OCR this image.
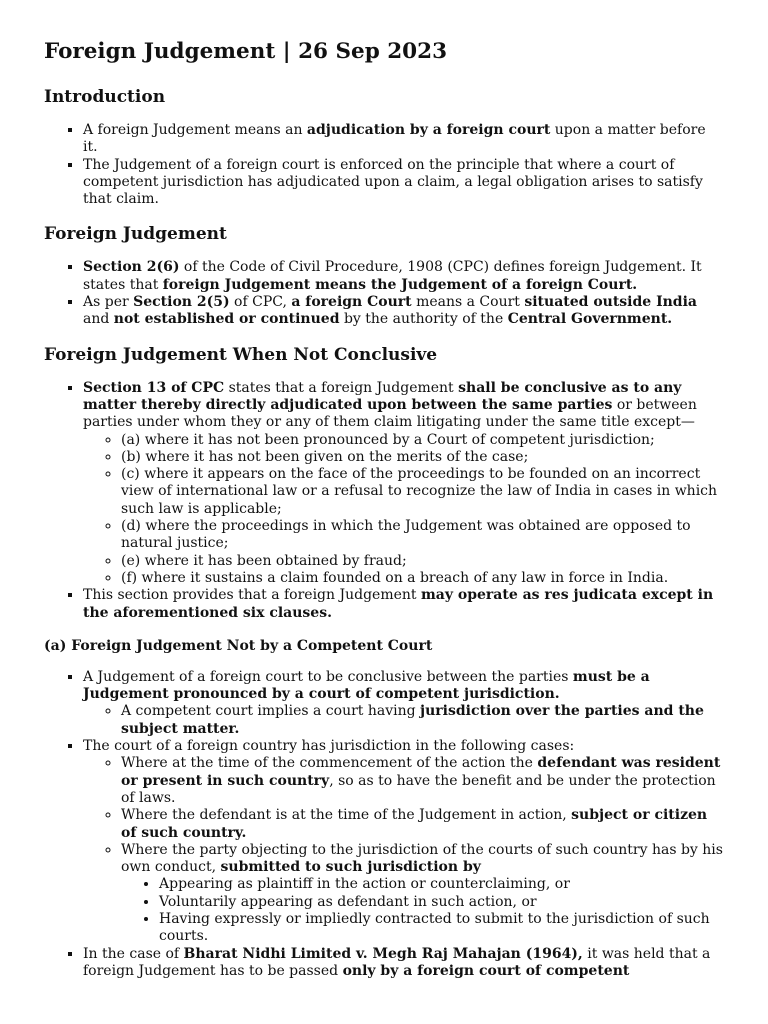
Foreign Judgement | 26 Sep 2023
Introduction
▪ A foreign Judgement means an adjudication by a foreign court upon a matter before it.
▪ The Judgement of a foreign court is enforced on the principle that where a court of competent jurisdiction has adjudicated upon a claim, a legal obligation arises to satisfy that claim.
Foreign Judgement
▪ Section 2(6) of the Code of Civil Procedure, 1908 (CPC) defines foreign Judgement. It states that foreign Judgement means the Judgement of a foreign Court.
▪ As per Section 2(5) of CPC, a foreign Court means a Court situated outside India and not established or continued by the authority of the Central Government.
Foreign Judgement When Not Conclusive
▪ Section 13 of CPC states that a foreign Judgement shall be conclusive as to any matter thereby directly adjudicated upon between the same parties or between parties under whom they or any of them claim litigating under the same title except—
◦ (a) where it has not been pronounced by a Court of competent jurisdiction;
◦ (b) where it has not been given on the merits of the case;
◦ (c) where it appears on the face of the proceedings to be founded on an incorrect view of international law or a refusal to recognize the law of India in cases in which such law is applicable;
◦ (d) where the proceedings in which the Judgement was obtained are opposed to natural justice;
◦ (e) where it has been obtained by fraud;
◦ (f) where it sustains a claim founded on a breach of any law in force in India.
▪ This section provides that a foreign Judgement may operate as res judicata except in the aforementioned six clauses.
(a) Foreign Judgement Not by a Competent Court
▪ A Judgement of a foreign court to be conclusive between the parties must be a Judgement pronounced by a court of competent jurisdiction.
◦ A competent court implies a court having jurisdiction over the parties and the subject matter.
▪ The court of a foreign country has jurisdiction in the following cases:
◦ Where at the time of the commencement of the action the defendant was resident or present in such country, so as to have the benefit and be under the protection of laws.
◦ Where the defendant is at the time of the Judgement in action, subject or citizen of such country.
◦ Where the party objecting to the jurisdiction of the courts of such country has by his own conduct, submitted to such jurisdiction by
• Appearing as plaintiff in the action or counterclaiming, or
• Voluntarily appearing as defendant in such action, or
• Having expressly or impliedly contracted to submit to the jurisdiction of such courts.
▪ In the case of Bharat Nidhi Limited v. Megh Raj Mahajan (1964), it was held that a foreign Judgement has to be passed only by a foreign court of competent
